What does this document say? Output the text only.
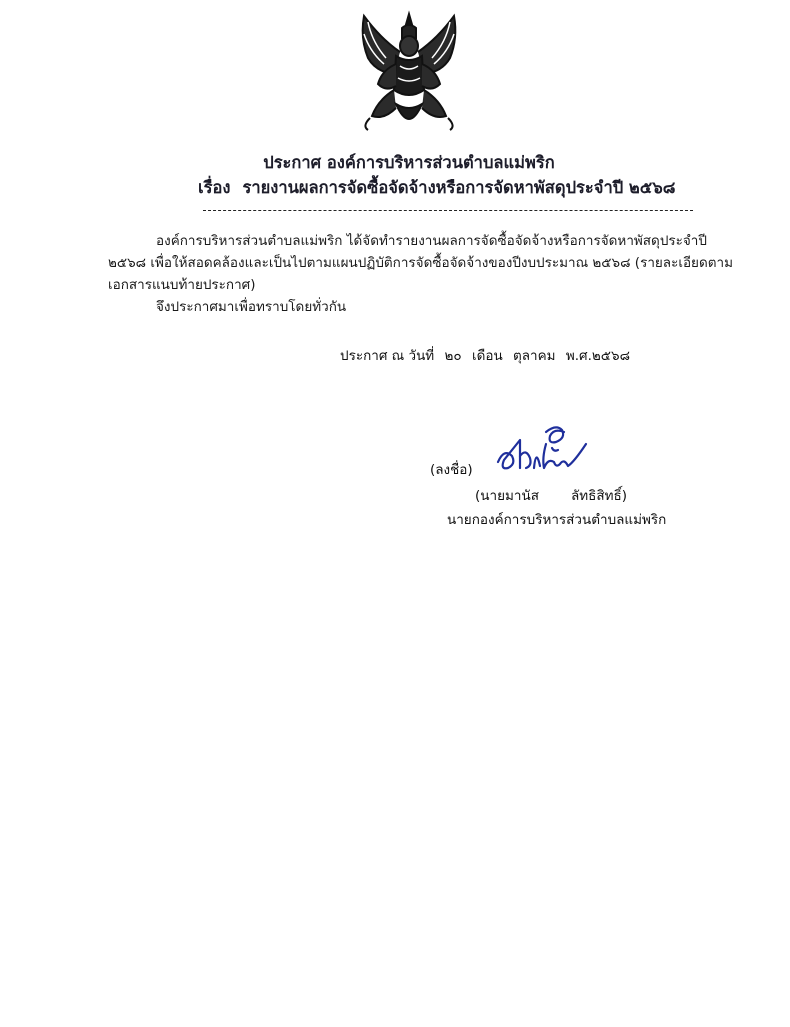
ประกาศ องค์การบริหารส่วนตำบลแม่พริก
เรื่อง รายงานผลการจัดซื้อจัดจ้างหรือการจัดหาพัสดุประจำปี ๒๕๖๘
องค์การบริหารส่วนตำบลแม่พริก ได้จัดทำรายงานผลการจัดซื้อจัดจ้างหรือการจัดหาพัสดุประจำปี
๒๕๖๘ เพื่อให้สอดคล้องและเป็นไปตามแผนปฏิบัติการจัดซื้อจัดจ้างของปีงบประมาณ ๒๕๖๘ (รายละเอียดตาม
เอกสารแนบท้ายประกาศ)
จึงประกาศมาเพื่อทราบโดยทั่วกัน
ประกาศ ณ วันที่ ๒๐ เดือน ตุลาคม พ.ศ.๒๕๖๘
(ลงชื่อ)
(นายมานัส ลัทธิสิทธิ์)
นายกองค์การบริหารส่วนตำบลแม่พริก
